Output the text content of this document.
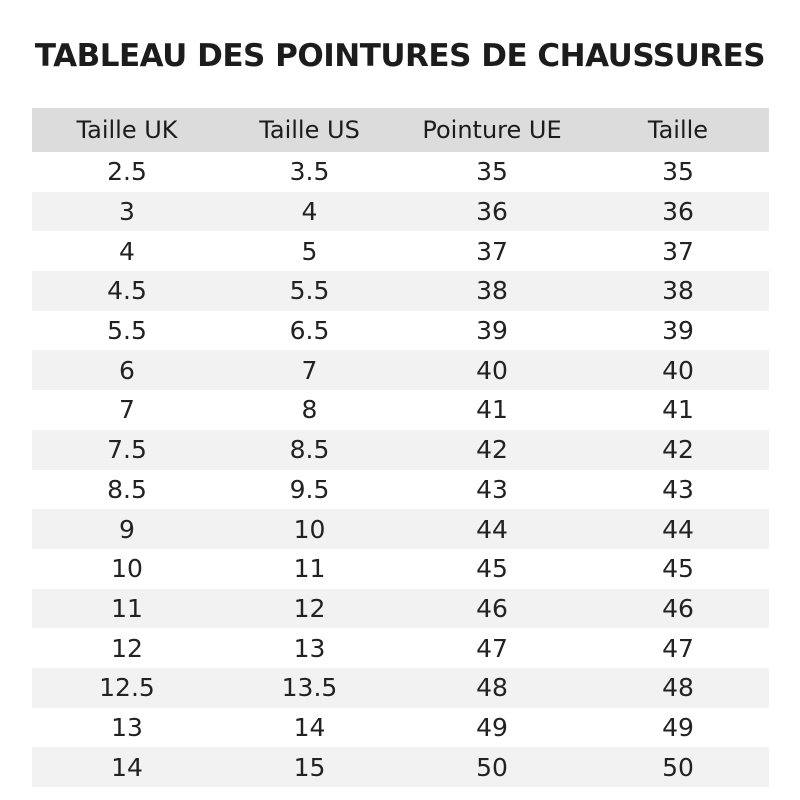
TABLEAU DES POINTURES DE CHAUSSURES
Taille UK	Taille US	Pointure UE	Taille
2.5	3.5	35	35
3	4	36	36
4	5	37	37
4.5	5.5	38	38
5.5	6.5	39	39
6	7	40	40
7	8	41	41
7.5	8.5	42	42
8.5	9.5	43	43
9	10	44	44
10	11	45	45
11	12	46	46
12	13	47	47
12.5	13.5	48	48
13	14	49	49
14	15	50	50
